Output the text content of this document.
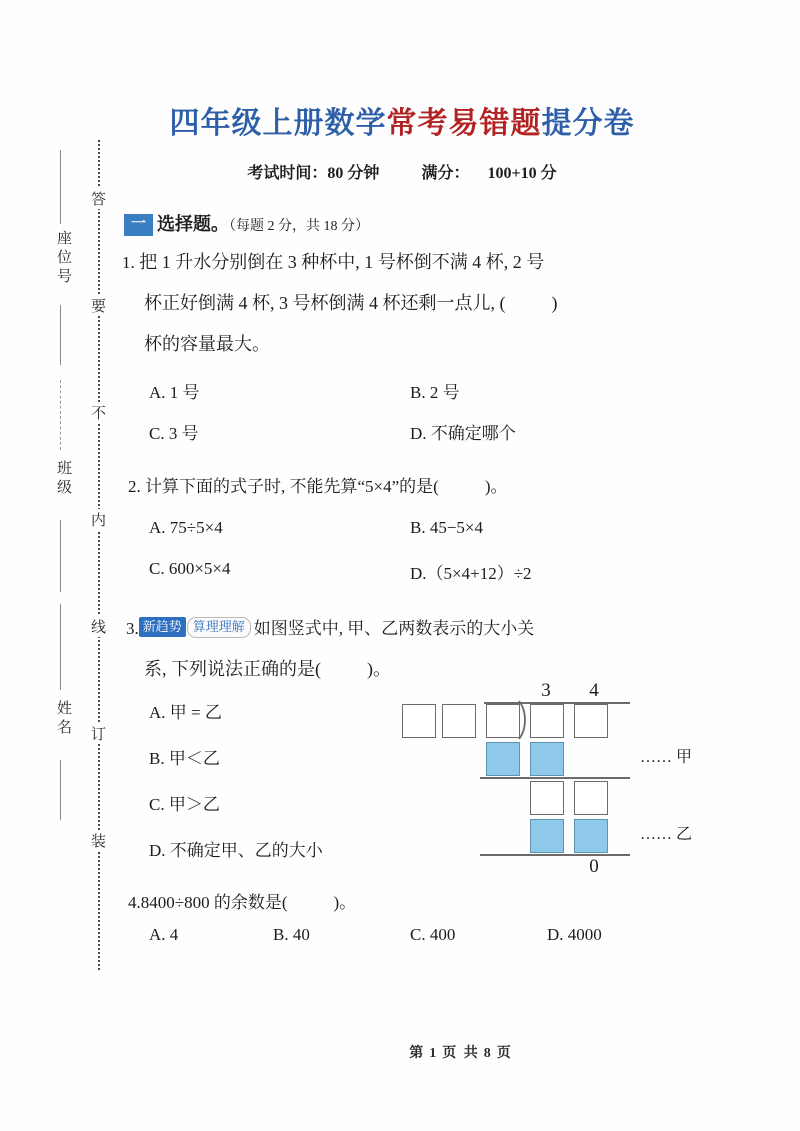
座位号
班级
姓名
答
要
不
内
线
订
装
四年级上册数学常考易错题提分卷
考试时间：80 分钟	满分： 100+10 分
一 选择题。（每题 2 分，共 18 分）
1. 把 1 升水分别倒在 3 种杯中, 1 号杯倒不满 4 杯, 2 号
杯正好倒满 4 杯, 3 号杯倒满 4 杯还剩一点儿, (	)
杯的容量最大。
A. 1 号	B. 2 号
C. 3 号	D. 不确定哪个
2. 计算下面的式子时, 不能先算“5×4”的是(	)。
A. 75÷5×4	B. 45−5×4
C. 600×5×4	D.（5×4+12）÷2
3. 新趋势 算理理解 如图竖式中, 甲、乙两数表示的大小关
系, 下列说法正确的是(	)。
A. 甲 = 乙
B. 甲＜乙
C. 甲＞乙
D. 不确定甲、乙的大小
3	4
…… 甲
…… 乙
0
4.8400÷800 的余数是(	)。
A. 4	B. 40	C. 400	D. 4000
第 1 页 共 8 页
